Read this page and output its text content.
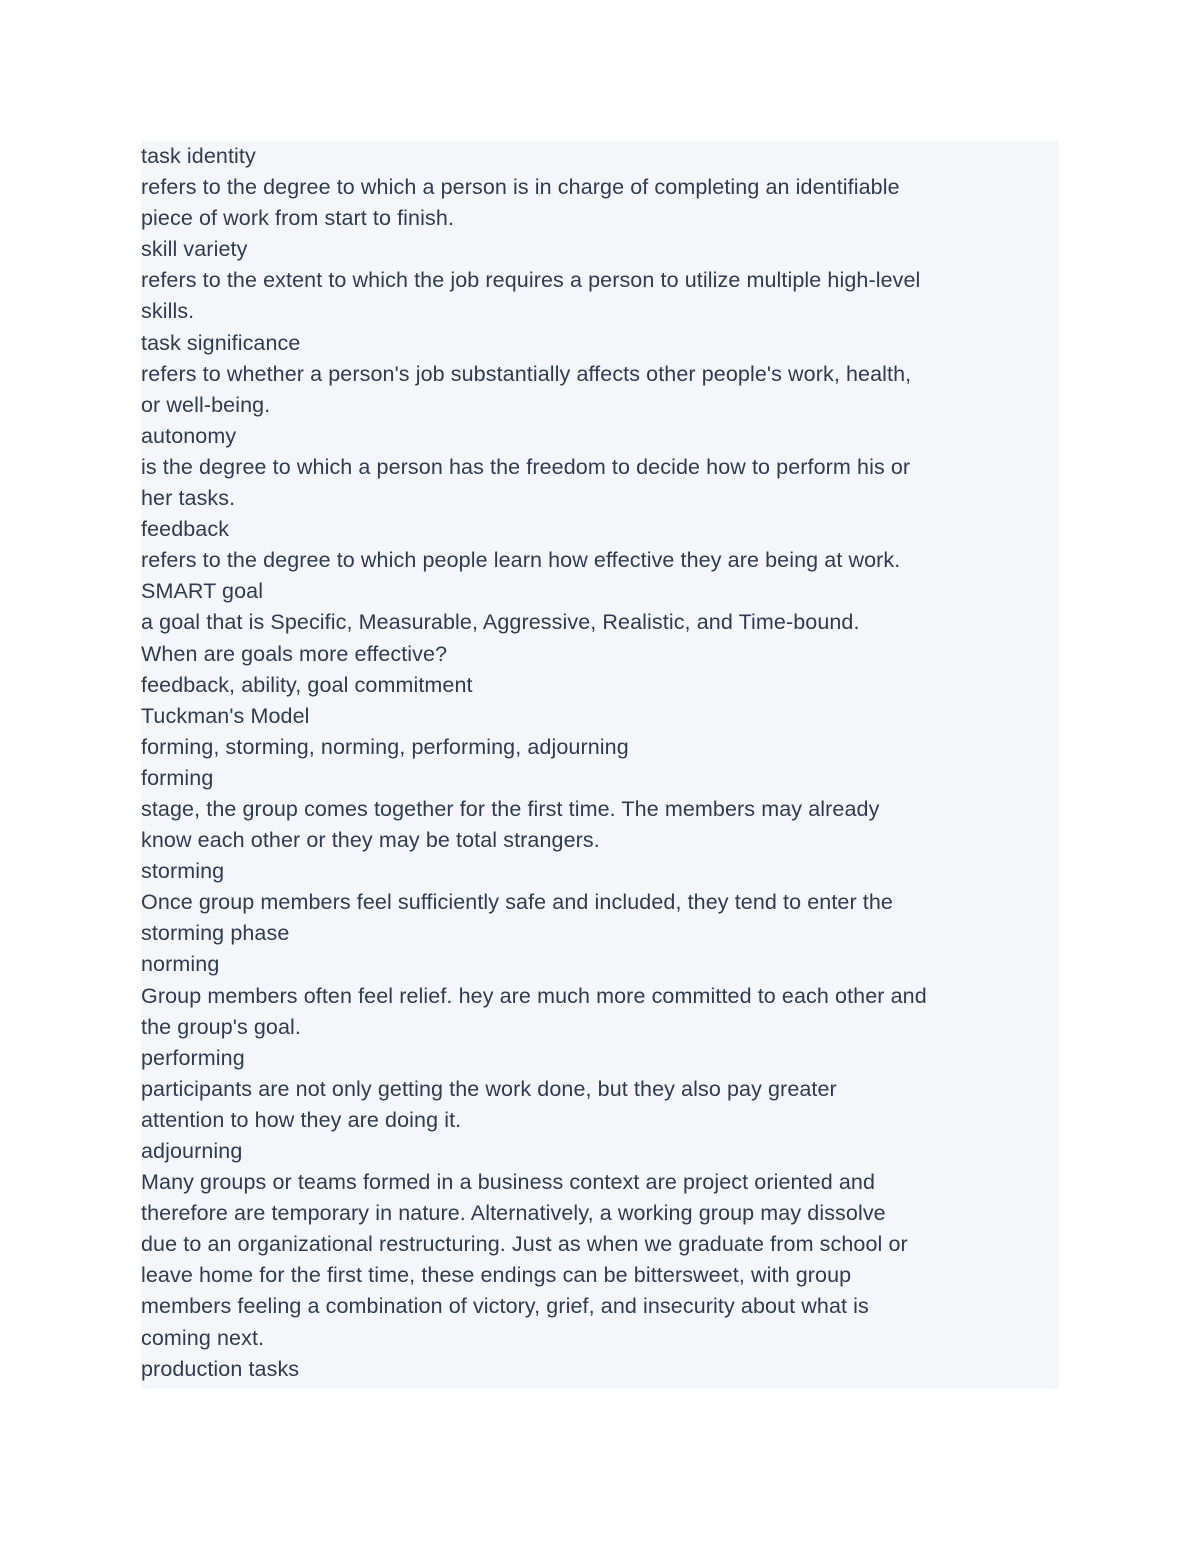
task identity
refers to the degree to which a person is in charge of completing an identifiable
piece of work from start to finish.
skill variety
refers to the extent to which the job requires a person to utilize multiple high-level
skills.
task significance
refers to whether a person's job substantially affects other people's work, health,
or well-being.
autonomy
is the degree to which a person has the freedom to decide how to perform his or
her tasks.
feedback
refers to the degree to which people learn how effective they are being at work.
SMART goal
a goal that is Specific, Measurable, Aggressive, Realistic, and Time-bound.
When are goals more effective?
feedback, ability, goal commitment
Tuckman's Model
forming, storming, norming, performing, adjourning
forming
stage, the group comes together for the first time. The members may already
know each other or they may be total strangers.
storming
Once group members feel sufficiently safe and included, they tend to enter the
storming phase
norming
Group members often feel relief. hey are much more committed to each other and
the group's goal.
performing
participants are not only getting the work done, but they also pay greater
attention to how they are doing it.
adjourning
Many groups or teams formed in a business context are project oriented and
therefore are temporary in nature. Alternatively, a working group may dissolve
due to an organizational restructuring. Just as when we graduate from school or
leave home for the first time, these endings can be bittersweet, with group
members feeling a combination of victory, grief, and insecurity about what is
coming next.
production tasks
